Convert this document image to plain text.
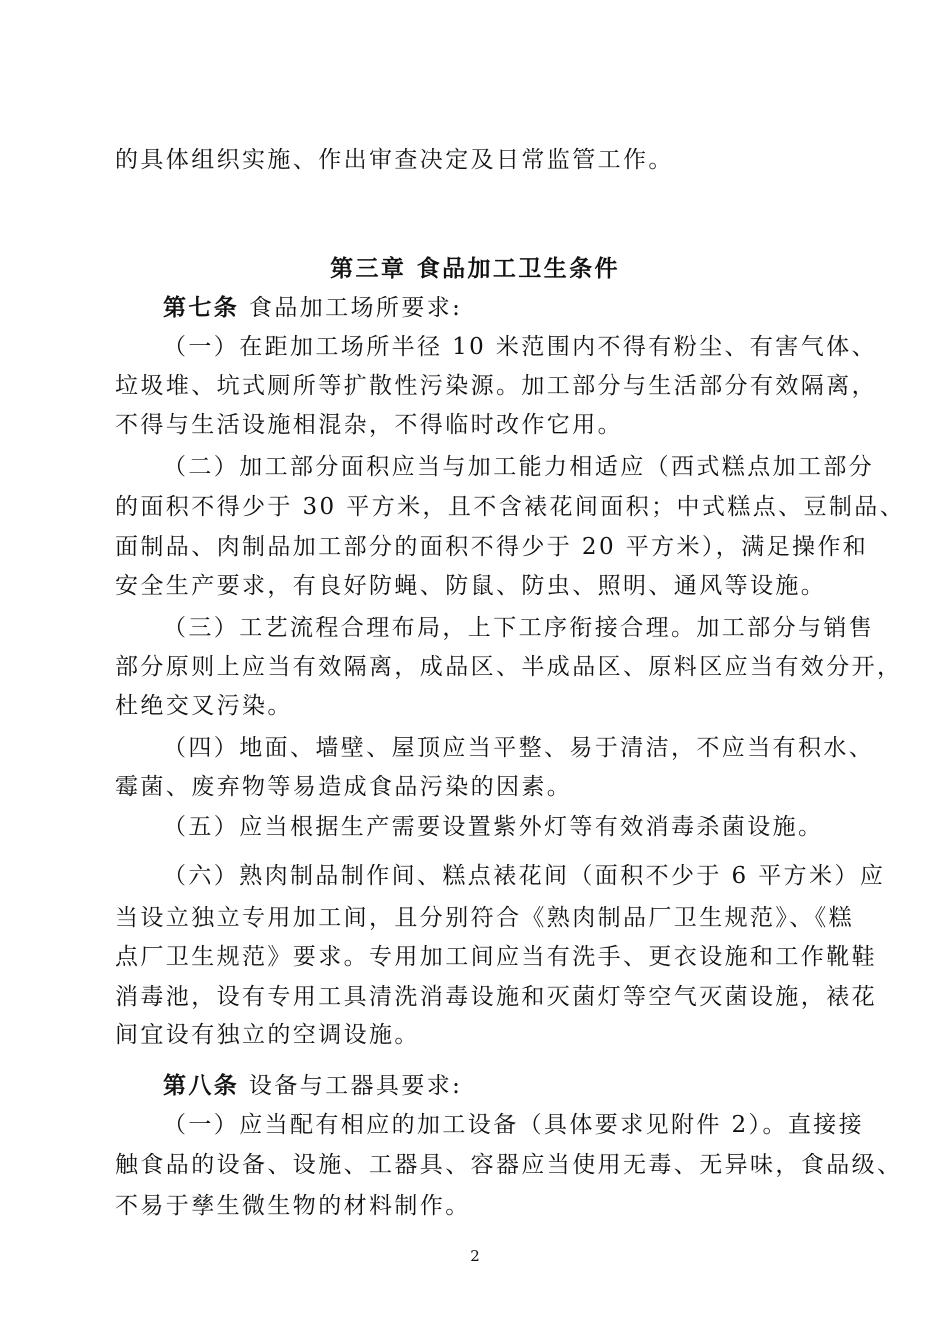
的具体组织实施、作出审查决定及日常监管工作。
第三章 食品加工卫生条件
第七条 食品加工场所要求:
（一）在距加工场所半径 10 米范围内不得有粉尘、有害气体、
垃圾堆、坑式厕所等扩散性污染源。加工部分与生活部分有效隔离，
不得与生活设施相混杂，不得临时改作它用。
（二）加工部分面积应当与加工能力相适应（西式糕点加工部分
的面积不得少于 30 平方米，且不含裱花间面积；中式糕点、豆制品、
面制品、肉制品加工部分的面积不得少于 20 平方米），满足操作和
安全生产要求，有良好防蝇、防鼠、防虫、照明、通风等设施。
（三）工艺流程合理布局，上下工序衔接合理。加工部分与销售
部分原则上应当有效隔离，成品区、半成品区、原料区应当有效分开，
杜绝交叉污染。
（四）地面、墙壁、屋顶应当平整、易于清洁，不应当有积水、
霉菌、废弃物等易造成食品污染的因素。
（五）应当根据生产需要设置紫外灯等有效消毒杀菌设施。
（六）熟肉制品制作间、糕点裱花间（面积不少于 6 平方米）应
当设立独立专用加工间，且分别符合《熟肉制品厂卫生规范》、《糕
点厂卫生规范》要求。专用加工间应当有洗手、更衣设施和工作靴鞋
消毒池，设有专用工具清洗消毒设施和灭菌灯等空气灭菌设施，裱花
间宜设有独立的空调设施。
第八条 设备与工器具要求:
（一）应当配有相应的加工设备（具体要求见附件 2）。直接接
触食品的设备、设施、工器具、容器应当使用无毒、无异味，食品级、
不易于孳生微生物的材料制作。
2
